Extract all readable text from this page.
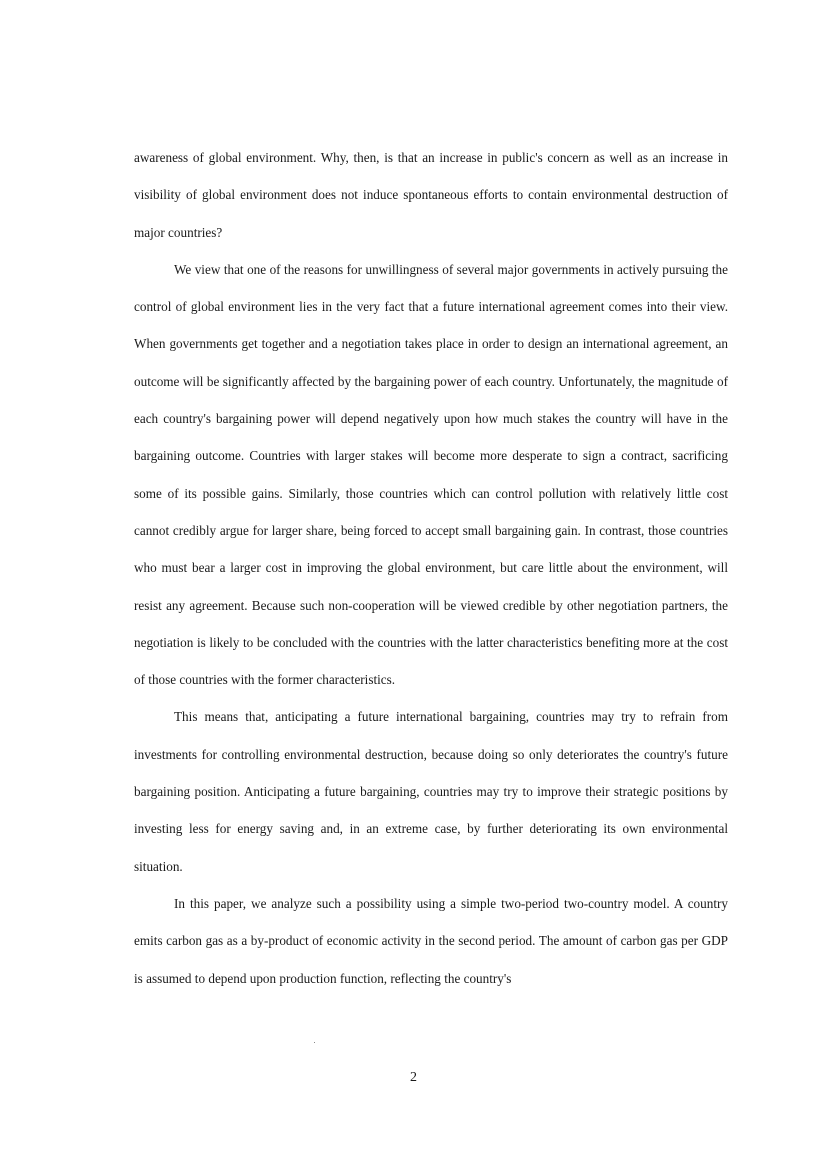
awareness of global environment. Why, then, is that an increase in public's concern as well as an increase in visibility of global environment does not induce spontaneous efforts to contain environmental destruction of major countries?

We view that one of the reasons for unwillingness of several major governments in actively pursuing the control of global environment lies in the very fact that a future international agreement comes into their view. When governments get together and a negotiation takes place in order to design an international agreement, an outcome will be significantly affected by the bargaining power of each country. Unfortunately, the magnitude of each country's bargaining power will depend negatively upon how much stakes the country will have in the bargaining outcome. Countries with larger stakes will become more desperate to sign a contract, sacrificing some of its possible gains. Similarly, those countries which can control pollution with relatively little cost cannot credibly argue for larger share, being forced to accept small bargaining gain. In contrast, those countries who must bear a larger cost in improving the global environment, but care little about the environment, will resist any agreement. Because such non-cooperation will be viewed credible by other negotiation partners, the negotiation is likely to be concluded with the countries with the latter characteristics benefiting more at the cost of those countries with the former characteristics.

This means that, anticipating a future international bargaining, countries may try to refrain from investments for controlling environmental destruction, because doing so only deteriorates the country's future bargaining position. Anticipating a future bargaining, countries may try to improve their strategic positions by investing less for energy saving and, in an extreme case, by further deteriorating its own environmental situation.

In this paper, we analyze such a possibility using a simple two-period two-country model. A country emits carbon gas as a by-product of economic activity in the second period. The amount of carbon gas per GDP is assumed to depend upon production function, reflecting the country's

2
